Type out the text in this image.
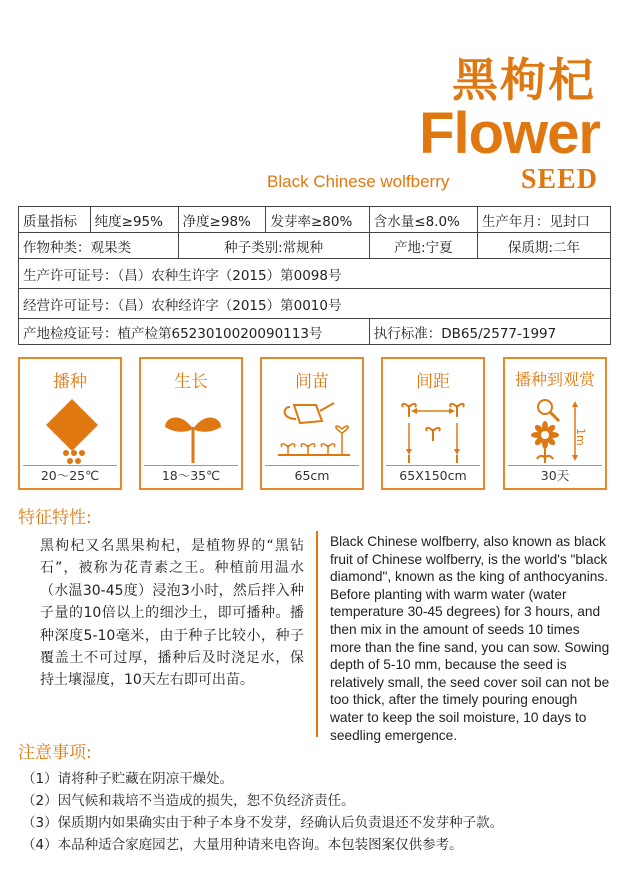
黑枸杞
Flower
Black Chinese wolfberry	SEED
质量指标	纯度≥95%	净度≥98%	发芽率≥80%	含水量≤8.0%	生产年月：见封口
作物种类：观果类		种子类别:常规种		产地:宁夏	保质期:二年
生产许可证号：（昌）农种生许字（2015）第0098号					
经营许可证号：（昌）农种经许字（2015）第0010号					
产地检疫证号：植产检第6523010020090113号				执行标准：DB65/2577-1997	
播种
20～25℃
生长
18～35℃
间苗
65cm
间距
65X150cm
播种到观赏
1m
30天
特征特性:
黑枸杞又名黑果枸杞，是植物界的“黑钻石”，被称为花青素之王。种植前用温水（水温30-45度）浸泡3小时，然后拌入种子量的10倍以上的细沙土，即可播种。播种深度5-10毫米，由于种子比较小，种子覆盖土不可过厚，播种后及时浇足水，保持土壤湿度，10天左右即可出苗。
Black Chinese wolfberry, also known as black fruit of Chinese wolfberry, is the world's "black diamond", known as the king of anthocyanins. Before planting with warm water (water temperature 30-45 degrees) for 3 hours, and then mix in the amount of seeds 10 times more than the fine sand, you can sow. Sowing depth of 5-10 mm, because the seed is relatively small, the seed cover soil can not be too thick, after the timely pouring enough water to keep the soil moisture, 10 days to seedling emergence.
注意事项:
（1）请将种子贮藏在阴凉干燥处。
（2）因气候和栽培不当造成的损失，恕不负经济责任。
（3）保质期内如果确实由于种子本身不发芽，经确认后负责退还不发芽种子款。
（4）本品种适合家庭园艺，大量用种请来电咨询。本包装图案仅供参考。
